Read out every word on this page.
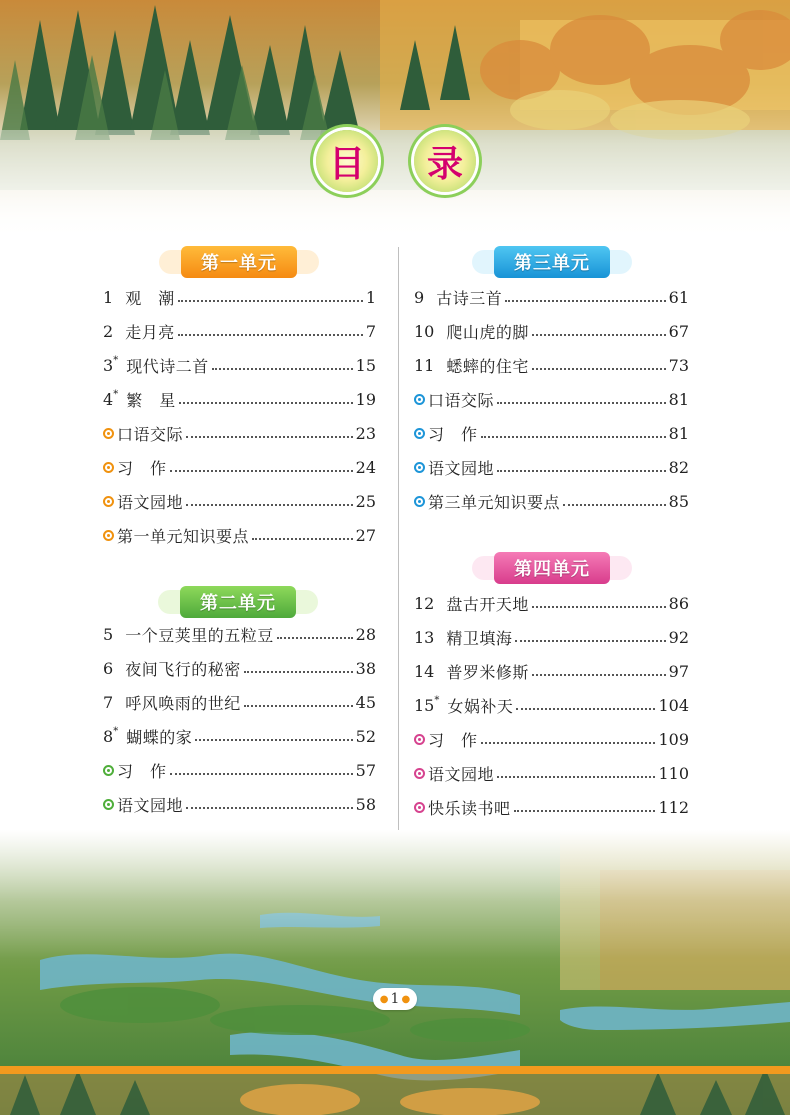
目 录
第一单元
第二单元
第三单元
第四单元
1 观　潮	1
2 走月亮	7
3* 现代诗二首	15
4* 繁　星	19
口语交际	23
习　作	24
语文园地	25
第一单元知识要点	27
5 一个豆荚里的五粒豆	28
6 夜间飞行的秘密	38
7 呼风唤雨的世纪	45
8* 蝴蝶的家	52
习　作	57
语文园地	58
9 古诗三首	61
10 爬山虎的脚	67
11 蟋蟀的住宅	73
口语交际	81
习　作	81
语文园地	82
第三单元知识要点	85
12 盘古开天地	86
13 精卫填海	92
14 普罗米修斯	97
15* 女娲补天	104
习　作	109
语文园地	110
快乐读书吧	112
● 1 ●
